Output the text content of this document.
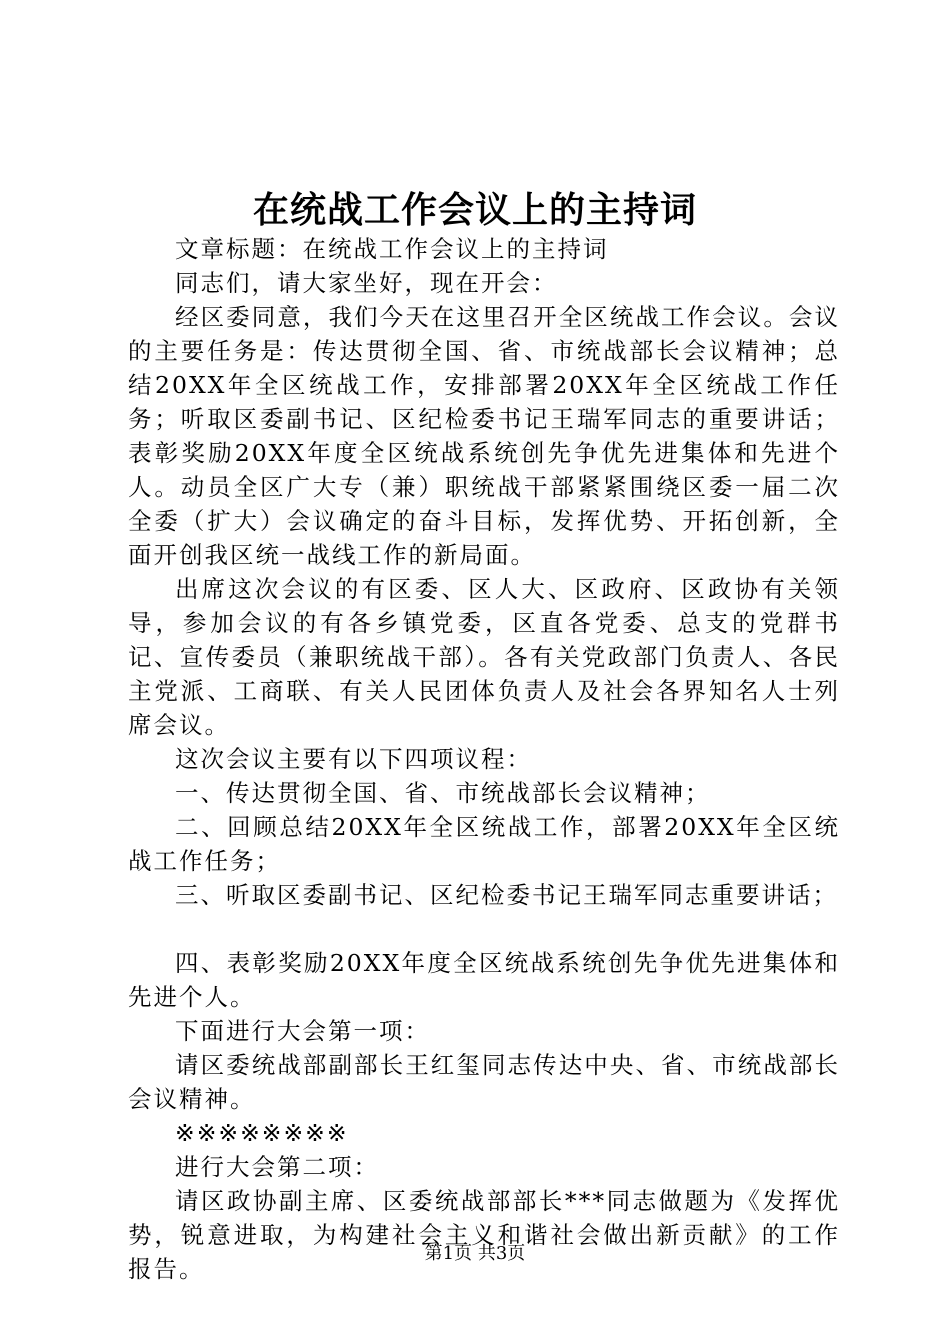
在统战工作会议上的主持词

文章标题：在统战工作会议上的主持词

同志们，请大家坐好，现在开会：

经区委同意，我们今天在这里召开全区统战工作会议。会议的主要任务是：传达贯彻全国、省、市统战部长会议精神；总结20XX年全区统战工作，安排部署20XX年全区统战工作任务；听取区委副书记、区纪检委书记王瑞军同志的重要讲话；表彰奖励20XX年度全区统战系统创先争优先进集体和先进个人。动员全区广大专（兼）职统战干部紧紧围绕区委一届二次全委（扩大）会议确定的奋斗目标，发挥优势、开拓创新，全面开创我区统一战线工作的新局面。

出席这次会议的有区委、区人大、区政府、区政协有关领导，参加会议的有各乡镇党委，区直各党委、总支的党群书记、宣传委员（兼职统战干部）。各有关党政部门负责人、各民主党派、工商联、有关人民团体负责人及社会各界知名人士列席会议。

这次会议主要有以下四项议程：

一、传达贯彻全国、省、市统战部长会议精神；

二、回顾总结20XX年全区统战工作，部署20XX年全区统战工作任务；

三、听取区委副书记、区纪检委书记王瑞军同志重要讲话；

四、表彰奖励20XX年度全区统战系统创先争优先进集体和先进个人。

下面进行大会第一项：

请区委统战部副部长王红玺同志传达中央、省、市统战部长会议精神。

※※※※※※※※

进行大会第二项：

请区政协副主席、区委统战部部长***同志做题为《发挥优势，锐意进取，为构建社会主义和谐社会做出新贡献》的工作报告。

第1页 共3页
